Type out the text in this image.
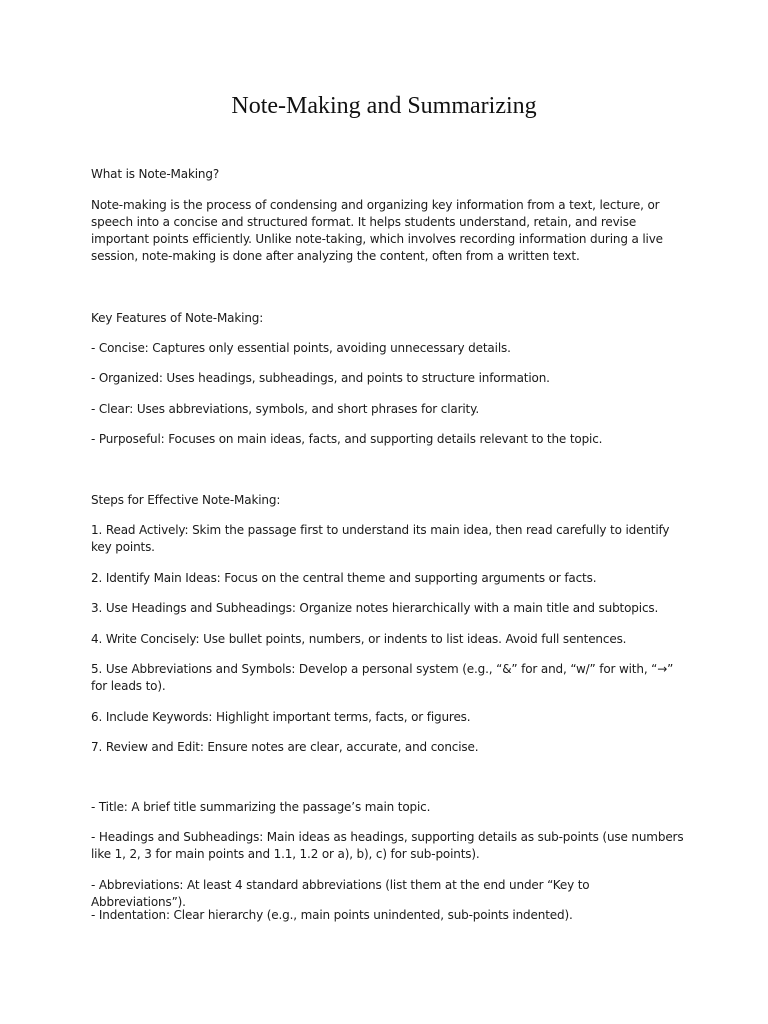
Note-Making and Summarizing

What is Note-Making?

Note-making is the process of condensing and organizing key information from a text, lecture, or speech into a concise and structured format. It helps students understand, retain, and revise important points efficiently. Unlike note-taking, which involves recording information during a live session, note-making is done after analyzing the content, often from a written text.

Key Features of Note-Making:

- Concise: Captures only essential points, avoiding unnecessary details.

- Organized: Uses headings, subheadings, and points to structure information.

- Clear: Uses abbreviations, symbols, and short phrases for clarity.

- Purposeful: Focuses on main ideas, facts, and supporting details relevant to the topic.

Steps for Effective Note-Making:

1. Read Actively: Skim the passage first to understand its main idea, then read carefully to identify key points.

2. Identify Main Ideas: Focus on the central theme and supporting arguments or facts.

3. Use Headings and Subheadings: Organize notes hierarchically with a main title and subtopics.

4. Write Concisely: Use bullet points, numbers, or indents to list ideas. Avoid full sentences.

5. Use Abbreviations and Symbols: Develop a personal system (e.g., “&” for and, “w/” for with, “→” for leads to).

6. Include Keywords: Highlight important terms, facts, or figures.

7. Review and Edit: Ensure notes are clear, accurate, and concise.

- Title: A brief title summarizing the passage’s main topic.

- Headings and Subheadings: Main ideas as headings, supporting details as sub-points (use numbers like 1, 2, 3 for main points and 1.1, 1.2 or a), b), c) for sub-points).

- Abbreviations: At least 4 standard abbreviations (list them at the end under “Key to Abbreviations”).

- Indentation: Clear hierarchy (e.g., main points unindented, sub-points indented).
